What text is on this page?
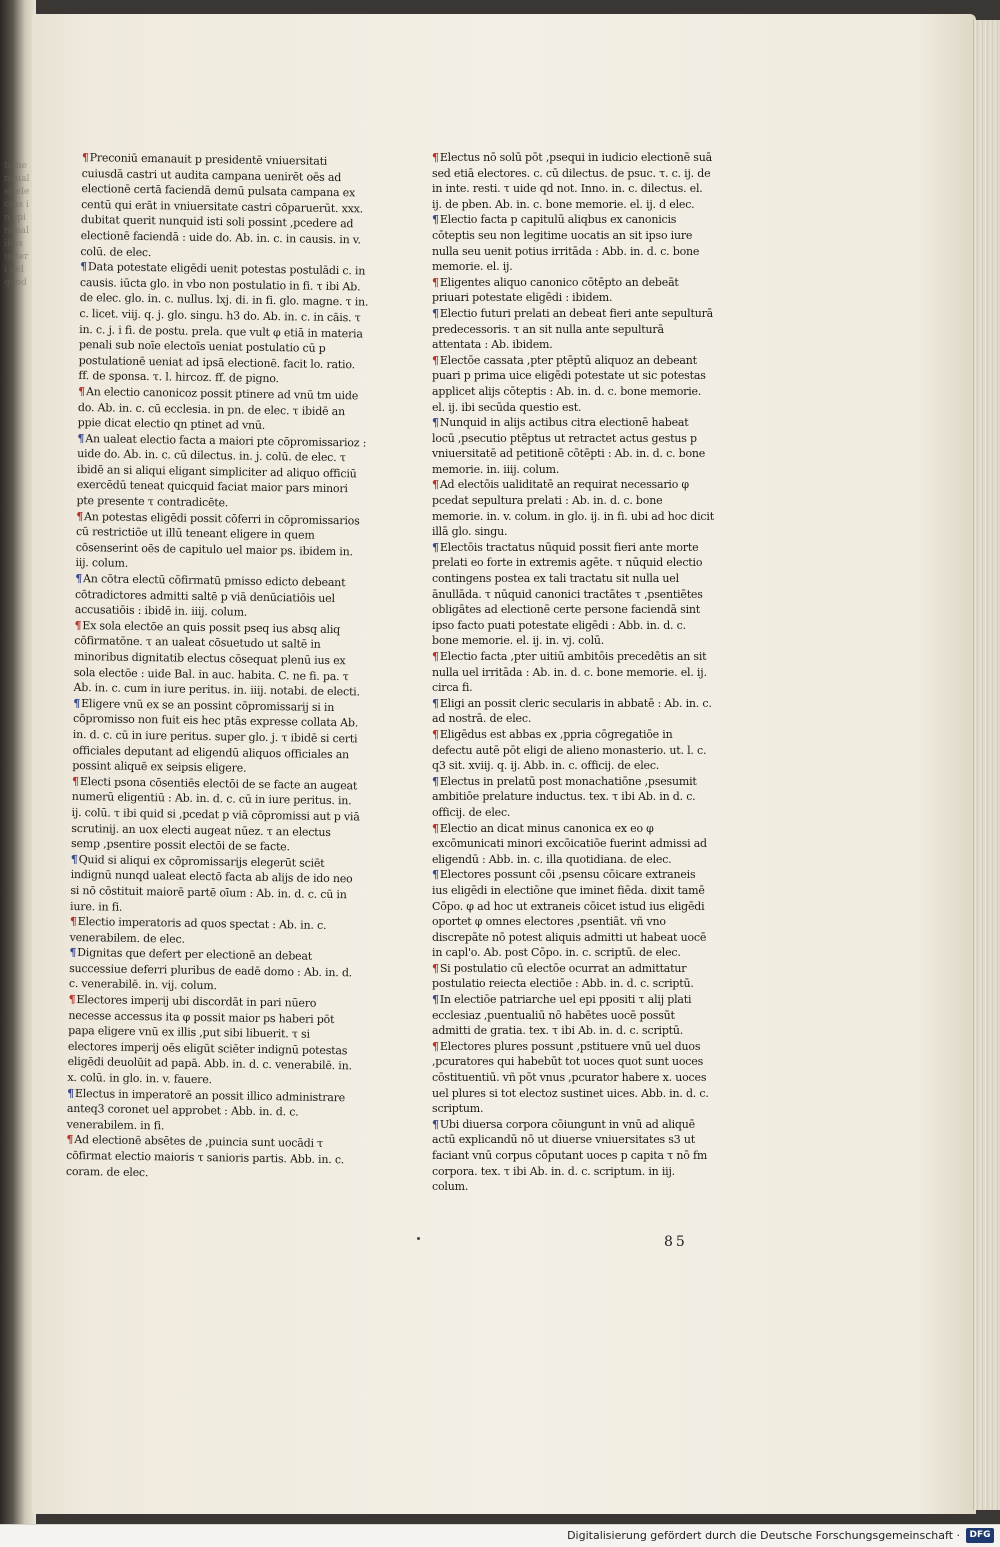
tionem ualet electus in spiritualibus ueteri uel quod

¶Preconiū emanauit p presidentē vniuersitati cuiusdā castri ut audita campana uenirēt oēs ad electionē certā faciendā demū pulsata campana ex centū qui erāt in vniuersitate castri cōparuerūt. xxx. dubitat querit nunquid isti soli possint ,pcedere ad electionē faciendā : uide do. Ab. in. c. in causis. in v. colū. de elec.

¶Data potestate eligēdi uenit potestas postulādi c. in causis. iūcta glo. in vbo non postulatio in fi. τ ibi Ab. de elec. glo. in. c. nullus. lxj. di. in fi. glo. magne. τ in. c. licet. viij. q. j. glo. singu. h3 do. Ab. in. c. in cāis. τ in. c. j. i fi. de postu. prela. que vult φ etiā in materia penali sub noīe electoīs ueniat postulatio cū p postulationē ueniat ad ipsā electionē. facit lo. ratio. ff. de sponsa. τ. l. hircoz. ff. de pigno.

¶An electio canonicoz possit ptinere ad vnū tm uide do. Ab. in. c. cū ecclesia. in pn. de elec. τ ibidē an ppie dicat electio qn ptinet ad vnū.

¶An ualeat electio facta a maiori pte cōpromissarioz : uide do. Ab. in. c. cū dilectus. in. j. colū. de elec. τ ibidē an si aliqui eligant simpliciter ad aliquo officiū exercēdū teneat quicquid faciat maior pars minori pte presente τ contradicēte.

¶An potestas eligēdi possit cōferri in cōpromissarios cū restrictiōe ut illū teneant eligere in quem cōsenserint oēs de capitulo uel maior ps. ibidem in. iij. colum.

¶An cōtra electū cōfirmatū pmisso edicto debeant cōtradictores admitti saltē p viā denūciatiōis uel accusatiōis : ibidē in. iiij. colum.

¶Ex sola electōe an quis possit pseq ius absq aliq cōfirmatōne. τ an ualeat cōsuetudo ut saltē in minoribus dignitatib electus cōsequat plenū ius ex sola electōe : uide Bal. in auc. habita. C. ne fi. pa. τ Ab. in. c. cum in iure peritus. in. iiij. notabi. de electi.

¶Eligere vnū ex se an possint cōpromissarij si in cōpromisso non fuit eis hec ptās expresse collata Ab. in. d. c. cū in iure peritus. super glo. j. τ ibidē si certi officiales deputant ad eligendū aliquos officiales an possint aliquē ex seipsis eligere.

¶Electi psona cōsentiēs electōi de se facte an augeat numerū eligentiū : Ab. in. d. c. cū in iure peritus. in. ij. colū. τ ibi quid si ,pcedat p viā cōpromissi aut p viā scrutinij. an uox electi augeat nūez. τ an electus semp ,psentire possit electōi de se facte.

¶Quid si aliqui ex cōpromissarijs elegerūt sciēt indignū nunqd ualeat electō facta ab alijs de ido neo si nō cōstituit maiorē partē oīum : Ab. in. d. c. cū in iure. in fi.

¶Electio imperatoris ad quos spectat : Ab. in. c. venerabilem. de elec.

¶Dignitas que defert per electionē an debeat successiue deferri pluribus de eadē domo : Ab. in. d. c. venerabilē. in. vij. colum.

¶Electores imperij ubi discordāt in pari nūero necesse accessus ita φ possit maior ps haberi pōt papa eligere vnū ex illis ,put sibi libuerit. τ si electores imperij oēs eligūt sciēter indignū potestas eligēdi deuolūit ad papā. Abb. in. d. c. venerabilē. in. x. colū. in glo. in. v. fauere.

¶Electus in imperatorē an possit illico administrare anteq3 coronet uel approbet : Abb. in. d. c. venerabilem. in fi.

¶Ad electionē absētes de ,puincia sunt uocādi τ cōfirmat electio maioris τ sanioris partis. Abb. in. c. coram. de elec.

¶Electus nō solū pōt ,psequi in iudicio electionē suā sed etiā electores. c. cū dilectus. de psuc. τ. c. ij. de in inte. resti. τ uide qd not. Inno. in. c. dilectus. el. ij. de pben. Ab. in. c. bone memorie. el. ij. d elec.

¶Electio facta p capitulū aliqbus ex canonicis cōteptis seu non legitime uocatis an sit ipso iure nulla seu uenit potius irritāda : Abb. in. d. c. bone memorie. el. ij.

¶Eligentes aliquo canonico cōtēpto an debeāt priuari potestate eligēdi : ibidem.

¶Electio futuri prelati an debeat fieri ante sepulturā predecessoris. τ an sit nulla ante sepulturā attentata : Ab. ibidem.

¶Electōe cassata ,pter ptēptū aliquoz an debeant puari p prima uice eligēdi potestate ut sic potestas applicet alijs cōteptis : Ab. in. d. c. bone memorie. el. ij. ibi secūda questio est.

¶Nunquid in alijs actibus citra electionē habeat locū ,psecutio ptēptus ut retractet actus gestus p vniuersitatē ad petitionē cōtēpti : Ab. in. d. c. bone memorie. in. iiij. colum.

¶Ad electōis ualiditatē an requirat necessario φ pcedat sepultura prelati : Ab. in. d. c. bone memorie. in. v. colum. in glo. ij. in fi. ubi ad hoc dicit illā glo. singu.

¶Electōis tractatus nūquid possit fieri ante morte prelati eo forte in extremis agēte. τ nūquid electio contingens postea ex tali tractatu sit nulla uel ānullāda. τ nūquid canonici tractātes τ ,psentiētes obligātes ad electionē certe persone faciendā sint ipso facto puati potestate eligēdi : Abb. in. d. c. bone memorie. el. ij. in. vj. colū.

¶Electio facta ,pter uitiū ambitōis precedētis an sit nulla uel irritāda : Ab. in. d. c. bone memorie. el. ij. circa fi.

¶Eligi an possit cleric secularis in abbatē : Ab. in. c. ad nostrā. de elec.

¶Eligēdus est abbas ex ,ppria cōgregatiōe in defectu autē pōt eligi de alieno monasterio. ut. l. c. q3 sit. xviij. q. ij. Abb. in. c. officij. de elec.

¶Electus in prelatū post monachatiōne ,psesumit ambitiōe prelature inductus. tex. τ ibi Ab. in d. c. officij. de elec.

¶Electio an dicat minus canonica ex eo φ excōmunicati minori excōicatiōe fuerint admissi ad eligendū : Abb. in. c. illa quotidiana. de elec.

¶Electores possunt cōi ,psensu cōicare extraneis ius eligēdi in electiōne que iminet fiēda. dixit tamē Cōpo. φ ad hoc ut extraneis cōicet istud ius eligēdi oportet φ omnes electores ,psentiāt. vñ vno discrepāte nō potest aliquis admitti ut habeat uocē in capl'o. Ab. post Cōpo. in. c. scriptū. de elec.

¶Si postulatio cū electōe ocurrat an admittatur postulatio reiecta electiōe : Abb. in. d. c. scriptū.

¶In electiōe patriarche uel epi ppositi τ alij plati ecclesiaz ,puentualiū nō habētes uocē possūt admitti de gratia. tex. τ ibi Ab. in. d. c. scriptū.

¶Electores plures possunt ,pstituere vnū uel duos ,pcuratores qui habebūt tot uoces quot sunt uoces cōstituentiū. vñ pōt vnus ,pcurator habere x. uoces uel plures si tot electoz sustinet uices. Abb. in. d. c. scriptum.

¶Ubi diuersa corpora cōiungunt in vnū ad aliquē actū explicandū nō ut diuerse vniuersitates s3 ut faciant vnū corpus cōputant uoces p capita τ nō fm corpora. tex. τ ibi Ab. in. d. c. scriptum. in iij. colum.

85
Digitalisierung gefördert durch die Deutsche Forschungsgemeinschaft ·	DFG
